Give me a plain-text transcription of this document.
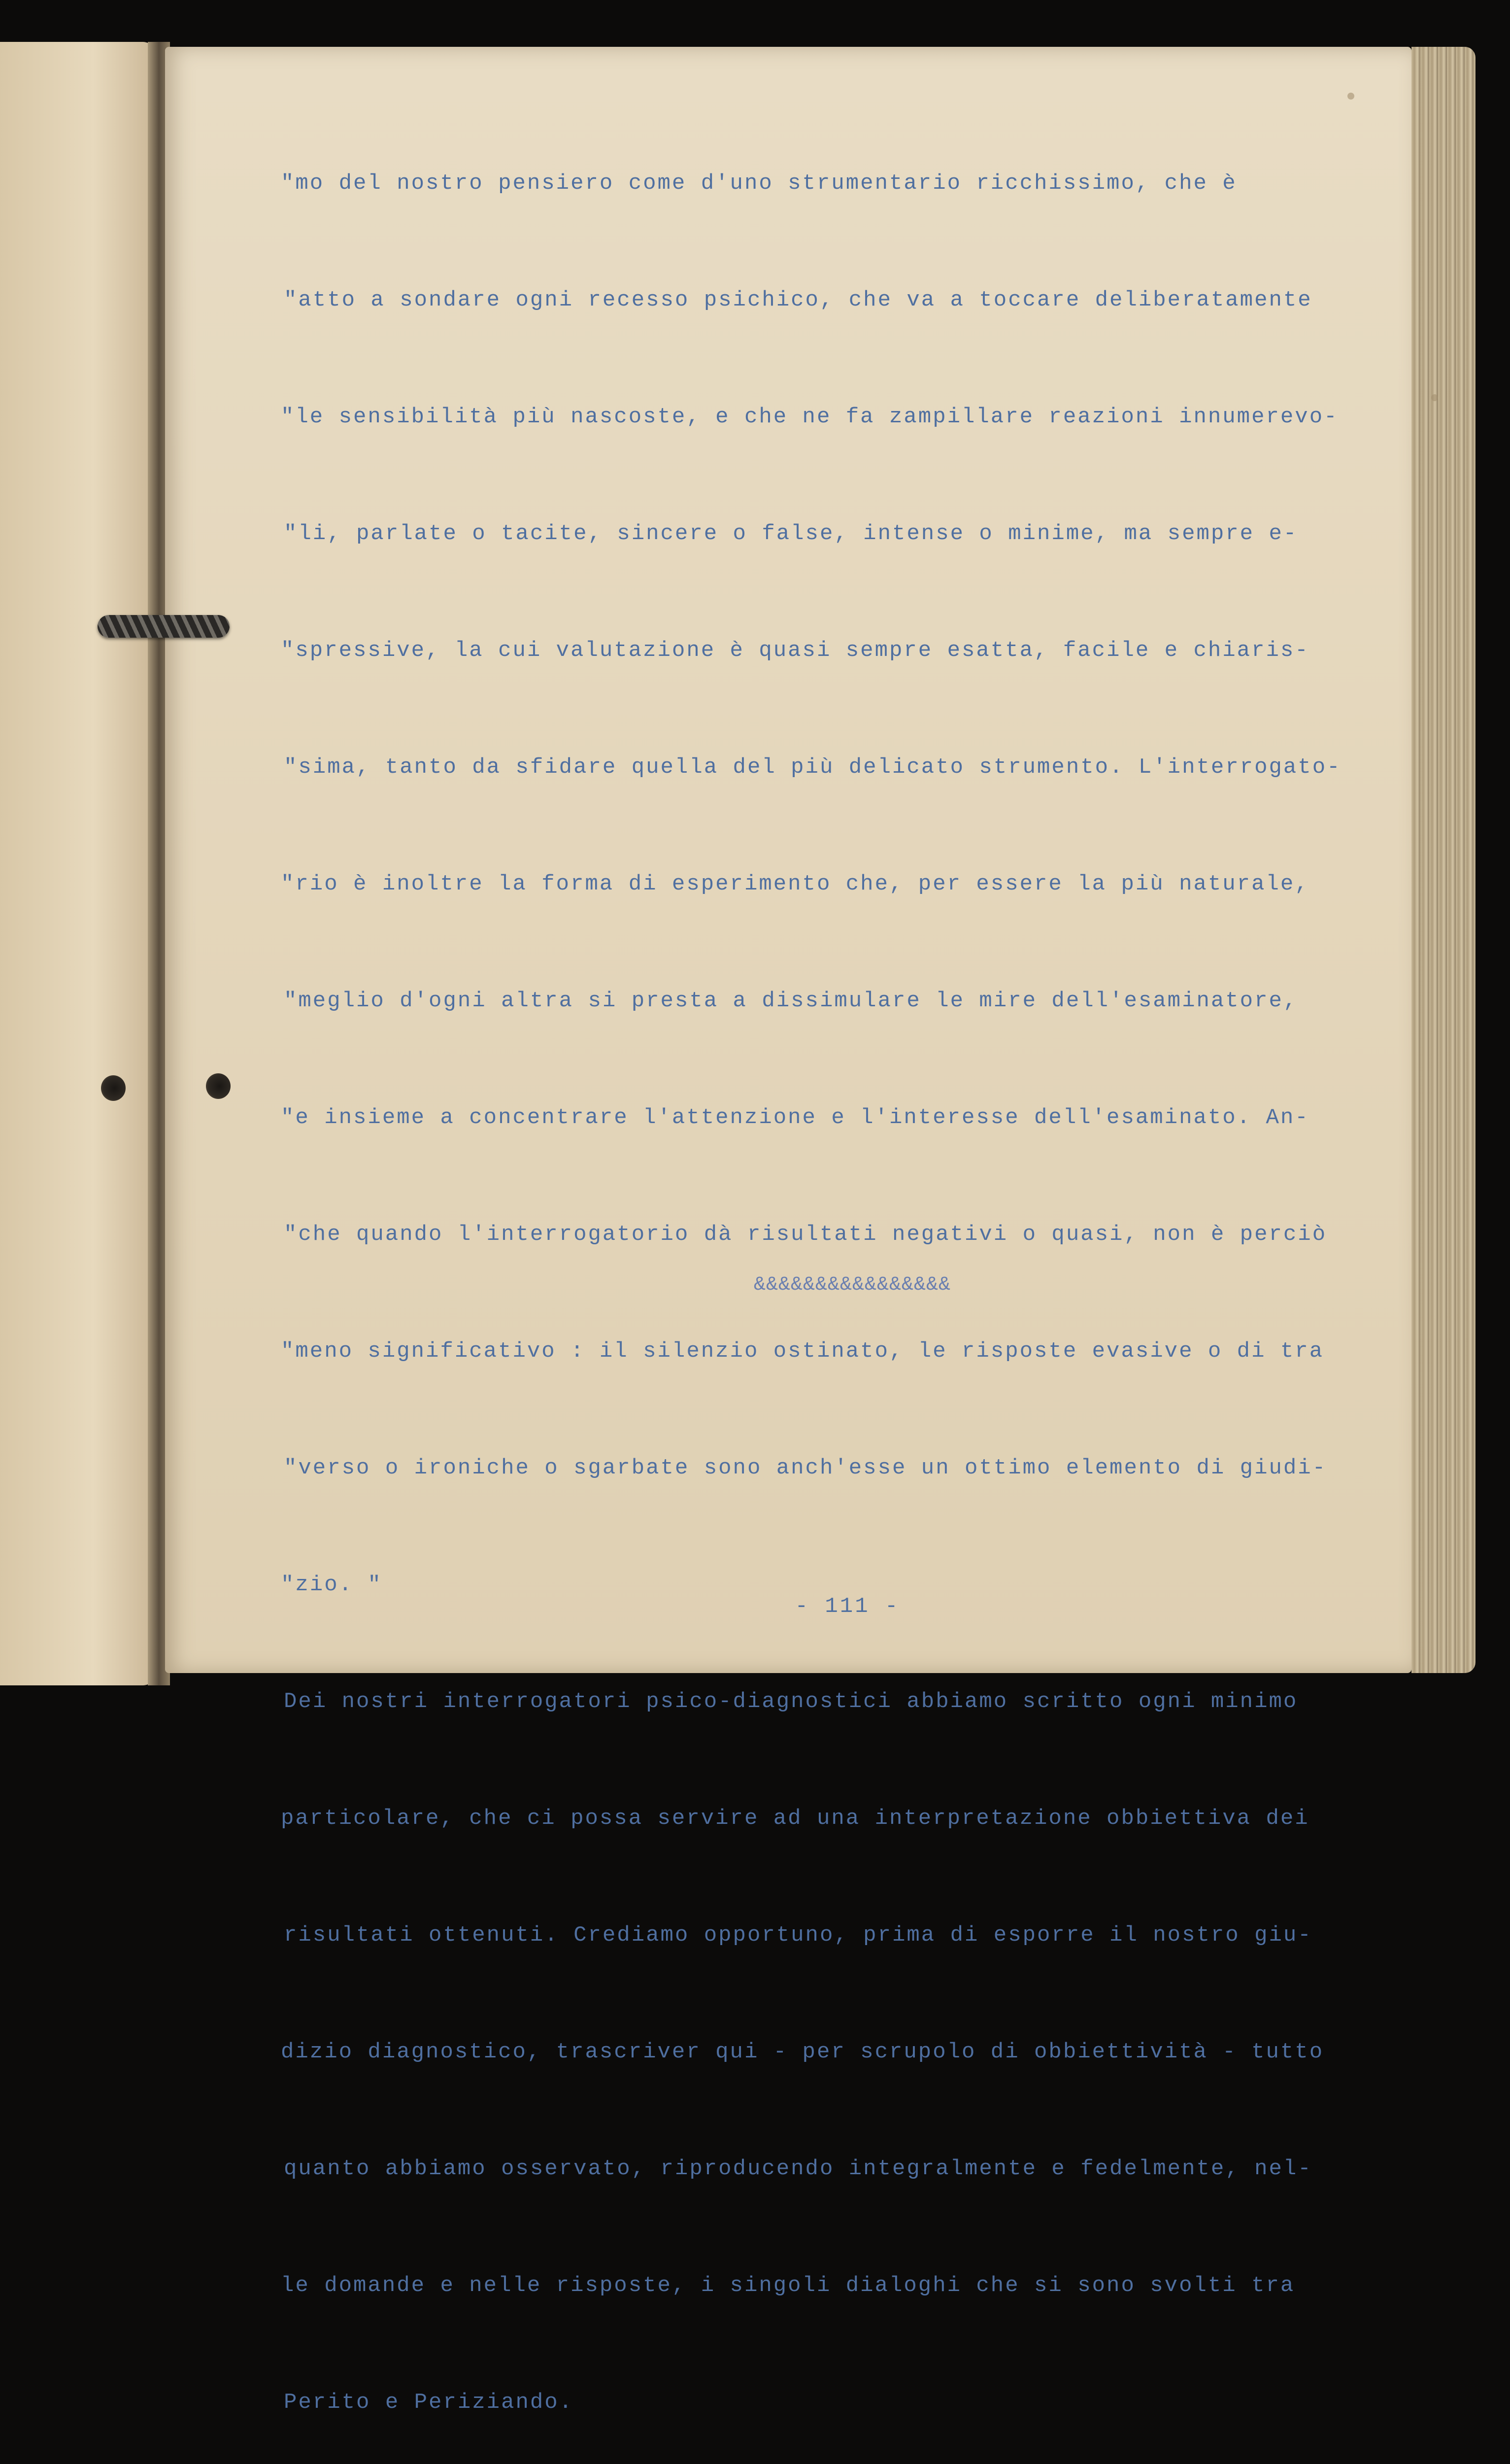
"mo del nostro pensiero come d'uno strumentario ricchissimo, che è

"atto a sondare ogni recesso psichico, che va a toccare deliberatamente

"le sensibilità più nascoste, e che ne fa zampillare reazioni innumerevo-

"li, parlate o tacite, sincere o false, intense o minime, ma sempre e-

"spressive, la cui valutazione è quasi sempre esatta, facile e chiaris-

"sima, tanto da sfidare quella del più delicato strumento. L'interrogato-

"rio è inoltre la forma di esperimento che, per essere la più naturale,

"meglio d'ogni altra si presta a dissimulare le mire dell'esaminatore,

"e insieme a concentrare l'attenzione e l'interesse dell'esaminato. An-

"che quando l'interrogatorio dà risultati negativi o quasi, non è perciò

"meno significativo : il silenzio ostinato, le risposte evasive o di tra

"verso o ironiche o sgarbate sono anch'esse un ottimo elemento di giudi-

"zio. "

Dei nostri interrogatori psico-diagnostici abbiamo scritto ogni minimo

particolare, che ci possa servire ad una interpretazione obbiettiva dei

risultati ottenuti. Crediamo opportuno, prima di esporre il nostro giu-

dizio diagnostico, trascriver qui - per scrupolo di obbiettività - tutto

quanto abbiamo osservato, riproducendo integralmente e fedelmente, nel-

le domande e nelle risposte, i singoli dialoghi che si sono svolti tra

Perito e Periziando.

&&&&&&&&&&&&&&&&
- 111 -
